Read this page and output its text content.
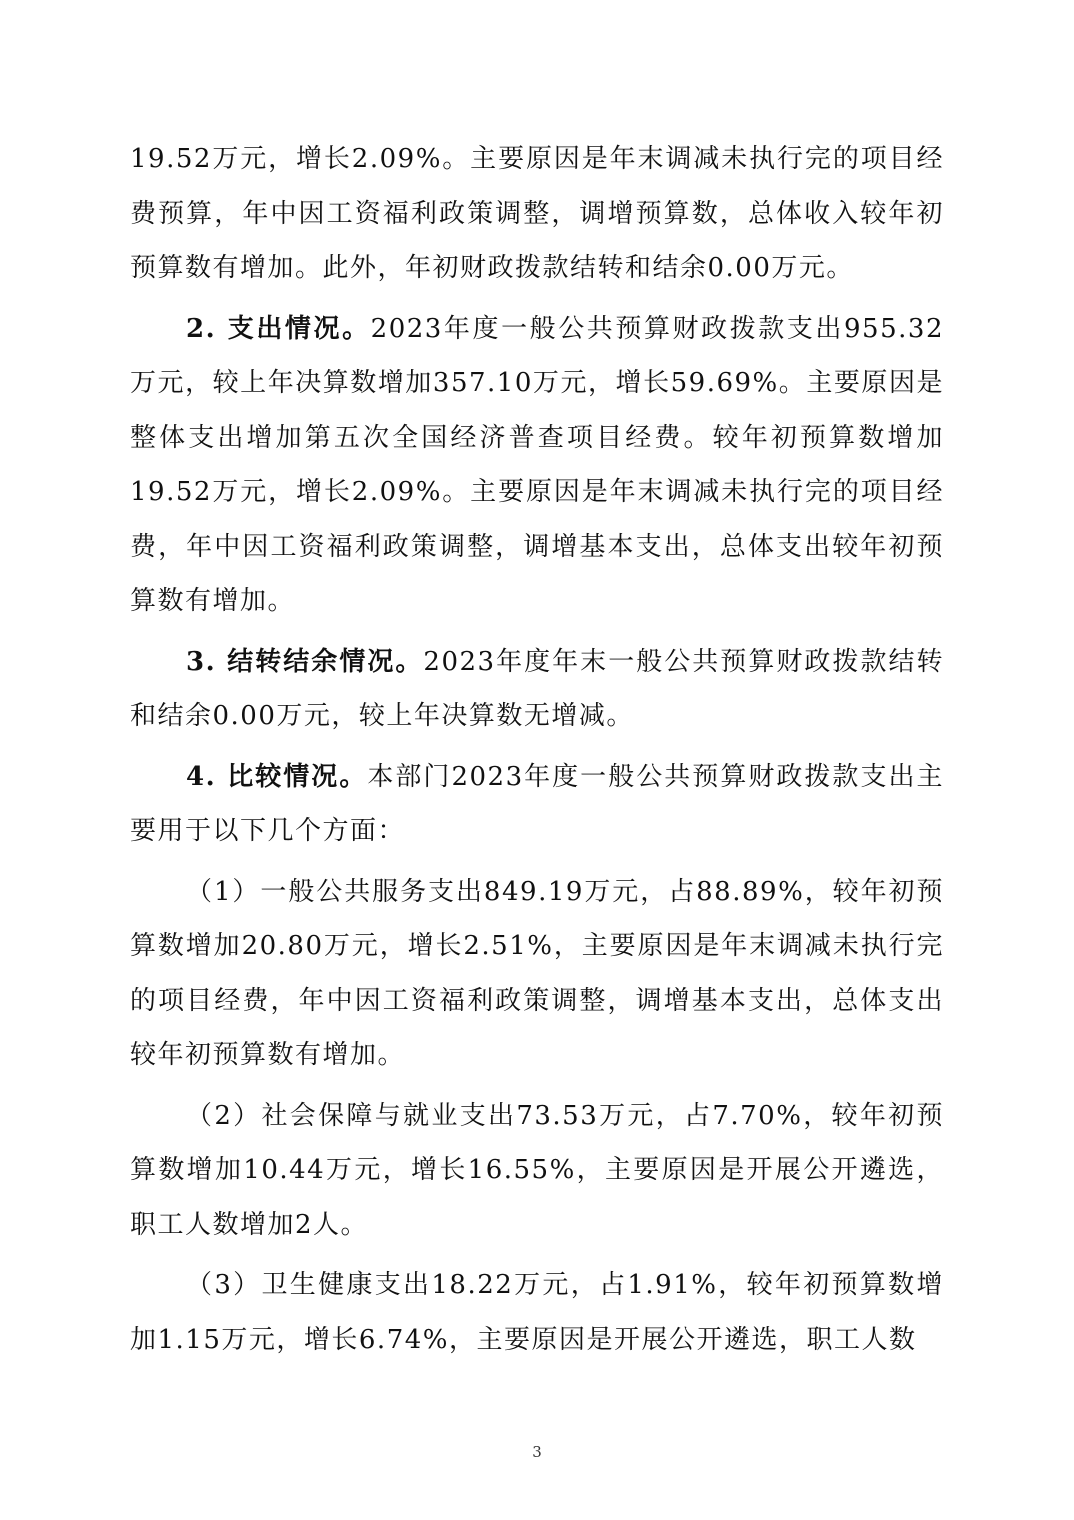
19.52万元，增长2.09%。主要原因是年末调减未执行完的项目经费预算，年中因工资福利政策调整，调增预算数，总体收入较年初预算数有增加。此外，年初财政拨款结转和结余0.00万元。

2. 支出情况。2023年度一般公共预算财政拨款支出955.32万元，较上年决算数增加357.10万元，增长59.69%。主要原因是整体支出增加第五次全国经济普查项目经费。较年初预算数增加19.52万元，增长2.09%。主要原因是年末调减未执行完的项目经费，年中因工资福利政策调整，调增基本支出，总体支出较年初预算数有增加。

3. 结转结余情况。2023年度年末一般公共预算财政拨款结转和结余0.00万元，较上年决算数无增减。

4. 比较情况。本部门2023年度一般公共预算财政拨款支出主要用于以下几个方面：

（1）一般公共服务支出849.19万元，占88.89%，较年初预算数增加20.80万元，增长2.51%，主要原因是年末调减未执行完的项目经费，年中因工资福利政策调整，调增基本支出，总体支出较年初预算数有增加。

（2）社会保障与就业支出73.53万元，占7.70%，较年初预算数增加10.44万元，增长16.55%，主要原因是开展公开遴选，职工人数增加2人。

（3）卫生健康支出18.22万元，占1.91%，较年初预算数增加1.15万元，增长6.74%，主要原因是开展公开遴选，职工人数

3
